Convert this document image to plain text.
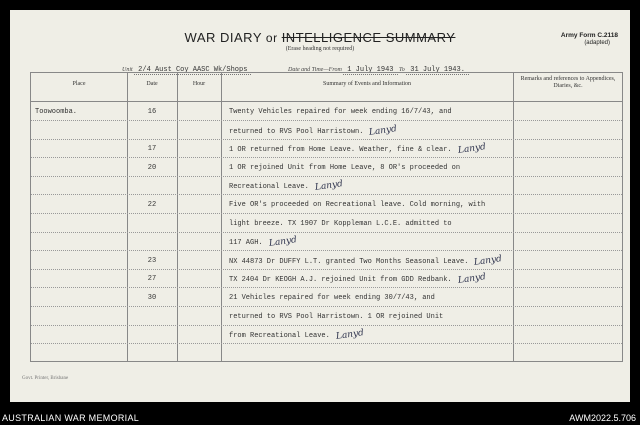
WAR DIARY or INTELLIGENCE SUMMARY
(Erase heading not required)
Army Form C.2118
(adapted)
Unit 2/4 Aust Coy AASC Wk/Shops	Date and Time—From 1 July 1943 To 31 July 1943.
Place	Date	Hour	Summary of Events and Information
Remarks and references to Appendices, Diaries, &c.
Toowoomba.	16	Twenty Vehicles repaired for week ending 16/7/43, and
returned to RVS Pool Harristown. Lanyd
17	1 OR returned from Home Leave. Weather, fine & clear. Lanyd
20	1 OR rejoined Unit from Home Leave, 8 OR's proceeded on
Recreational Leave. Lanyd
22	Five OR's proceeded on Recreational leave. Cold morning, with
light breeze. TX 1907 Dr Koppleman L.C.E. admitted to
117 AGH. Lanyd
23	NX 44873 Dr DUFFY L.T. granted Two Months Seasonal Leave. Lanyd
27	TX 2404 Dr KEOGH A.J. rejoined Unit from GDD Redbank. Lanyd
30	21 Vehicles repaired for week ending 30/7/43, and
returned to RVS Pool Harristown. 1 OR rejoined Unit
from Recreational Leave. Lanyd
Govt. Printer, Brisbane
AUSTRALIAN WAR MEMORIAL	AWM2022.5.706
